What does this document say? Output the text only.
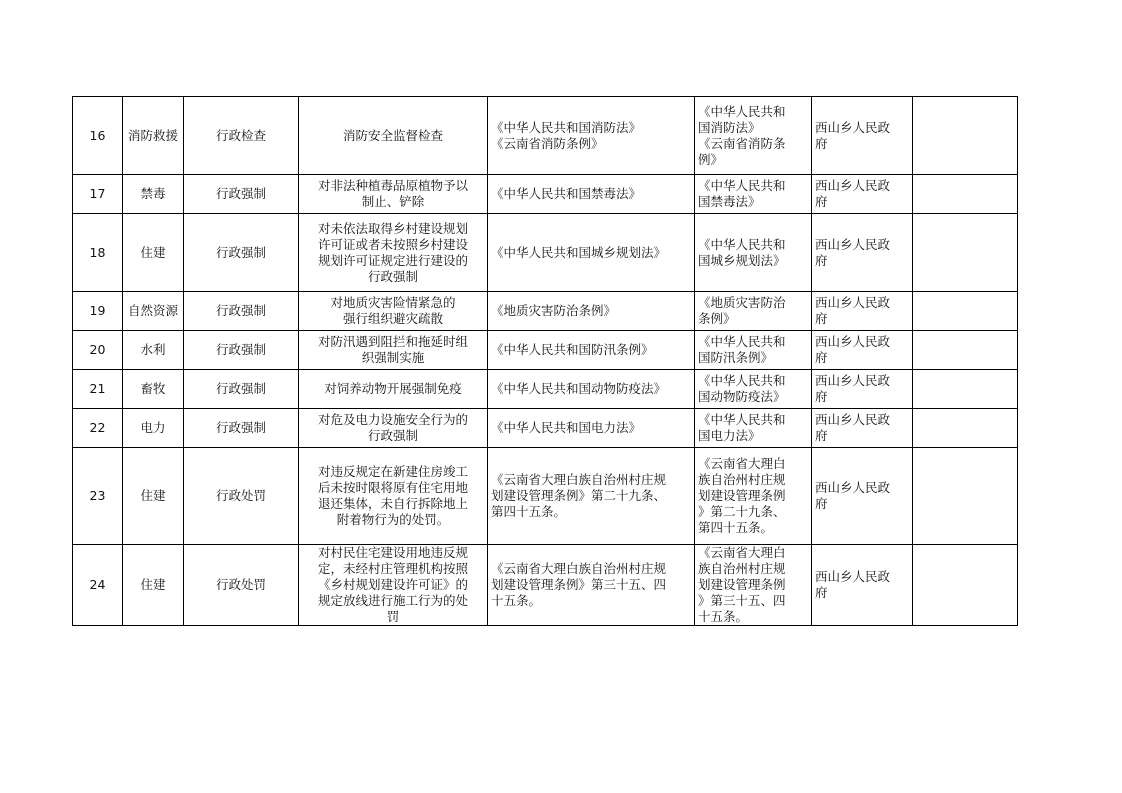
16	消防救援	行政检查	消防安全监督检查	《中华人民共和国消防法》
《云南省消防条例》	《中华人民共和
国消防法》
《云南省消防条
例》	西山乡人民政
府	

17	禁毒	行政强制	对非法种植毒品原植物予以
制止、铲除	《中华人民共和国禁毒法》	《中华人民共和
国禁毒法》	西山乡人民政
府	

18	住建	行政强制	对未依法取得乡村建设规划
许可证或者未按照乡村建设
规划许可证规定进行建设的
行政强制	《中华人民共和国城乡规划法》	《中华人民共和
国城乡规划法》	西山乡人民政
府	

19	自然资源	行政强制	对地质灾害险情紧急的
强行组织避灾疏散	《地质灾害防治条例》	《地质灾害防治
条例》	西山乡人民政
府	

20	水利	行政强制	对防汛遇到阻拦和拖延时组
织强制实施	《中华人民共和国防汛条例》	《中华人民共和
国防汛条例》	西山乡人民政
府	

21	畜牧	行政强制	对饲养动物开展强制免疫	《中华人民共和国动物防疫法》	《中华人民共和
国动物防疫法》	西山乡人民政
府	

22	电力	行政强制	对危及电力设施安全行为的
行政强制	《中华人民共和国电力法》	《中华人民共和
国电力法》	西山乡人民政
府	

23	住建	行政处罚	对违反规定在新建住房竣工
后未按时限将原有住宅用地
退还集体，未自行拆除地上
附着物行为的处罚。	《云南省大理白族自治州村庄规
划建设管理条例》第二十九条、
第四十五条。	《云南省大理白
族自治州村庄规
划建设管理条例
》第二十九条、
第四十五条。	西山乡人民政
府	

24	住建	行政处罚	对村民住宅建设用地违反规
定，未经村庄管理机构按照
《乡村规划建设许可证》的
规定放线进行施工行为的处
罚	《云南省大理白族自治州村庄规
划建设管理条例》第三十五、四
十五条。	《云南省大理白
族自治州村庄规
划建设管理条例
》第三十五、四
十五条。	西山乡人民政
府	
